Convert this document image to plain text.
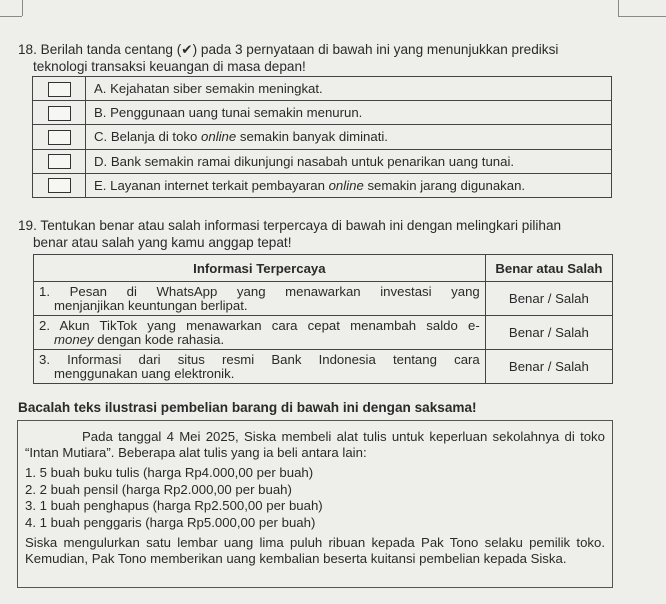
18. Berilah tanda centang (✔) pada 3 pernyataan di bawah ini yang menunjukkan prediksi
teknologi transaksi keuangan di masa depan!
	A. Kejahatan siber semakin meningkat.
	B. Penggunaan uang tunai semakin menurun.
	C. Belanja di toko online semakin banyak diminati.
	D. Bank semakin ramai dikunjungi nasabah untuk penarikan uang tunai.
	E. Layanan internet terkait pembayaran online semakin jarang digunakan.
19. Tentukan benar atau salah informasi terpercaya di bawah ini dengan melingkari pilihan
benar atau salah yang kamu anggap tepat!
Informasi Terpercaya	Benar atau Salah

1. Pesan di WhatsApp yang menawarkan investasi yang
menjanjikan keuntungan berlipat.	Benar / Salah

2. Akun TikTok yang menawarkan cara cepat menambah saldo e-
money dengan kode rahasia.	Benar / Salah

3. Informasi dari situs resmi Bank Indonesia tentang cara
menggunakan uang elektronik.	Benar / Salah
Bacalah teks ilustrasi pembelian barang di bawah ini dengan saksama!

Pada tanggal 4 Mei 2025, Siska membeli alat tulis untuk keperluan sekolahnya di toko “Intan Mutiara”. Beberapa alat tulis yang ia beli antara lain:

1. 5 buah buku tulis (harga Rp4.000,00 per buah)
2. 2 buah pensil (harga Rp2.000,00 per buah)
3. 1 buah penghapus (harga Rp2.500,00 per buah)
4. 1 buah penggaris (harga Rp5.000,00 per buah)

Siska mengulurkan satu lembar uang lima puluh ribuan kepada Pak Tono selaku pemilik toko. Kemudian, Pak Tono memberikan uang kembalian beserta kuitansi pembelian kepada Siska.
